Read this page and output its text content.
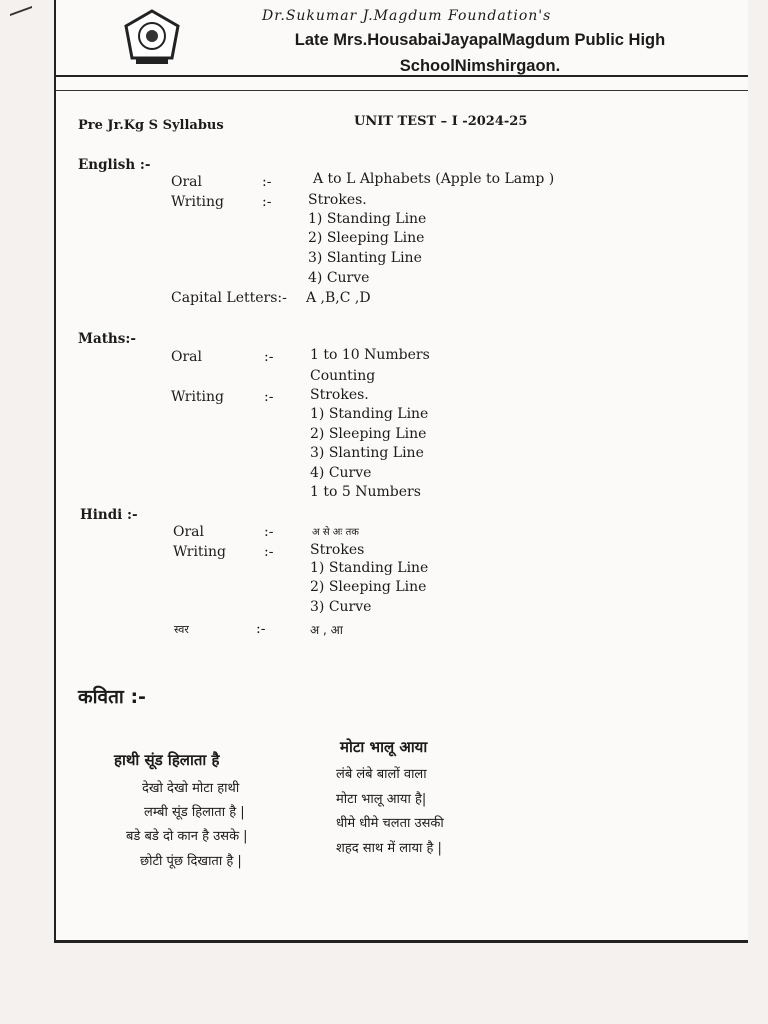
Dr.Sukumar J.Magdum Foundation's
Late Mrs.HousabaiJayapalMagdum Public High
SchoolNimshirgaon.
Pre Jr.Kg S Syllabus	UNIT TEST – I -2024-25
English :-
Oral	:-	A to L Alphabets (Apple to Lamp )
Writing	:-	Strokes.
1) Standing Line
2) Sleeping Line
3) Slanting Line
4) Curve
Capital Letters:- A ,B,C ,D
Maths:-
Oral	:-	1 to 10 Numbers
Counting
Writing	:-	Strokes.
1) Standing Line
2) Sleeping Line
3) Slanting Line
4) Curve
1 to 5 Numbers
Hindi :-
Oral	:-	अ से अः तक
Writing	:-	Strokes
1) Standing Line
2) Sleeping Line
3) Curve
स्वर	:-	अ , आ
कविता :-
हाथी सूंड हिलाता है
देखो देखो मोटा हाथी
लम्बी सूंड हिलाता है |
बडे बडे दो कान है उसके |
छोटी पूंछ दिखाता है |
मोटा भालू आया
लंबे लंबे बालों वाला
मोटा भालू आया है|
धीमे धीमे चलता उसकी
शहद साथ में लाया है |
